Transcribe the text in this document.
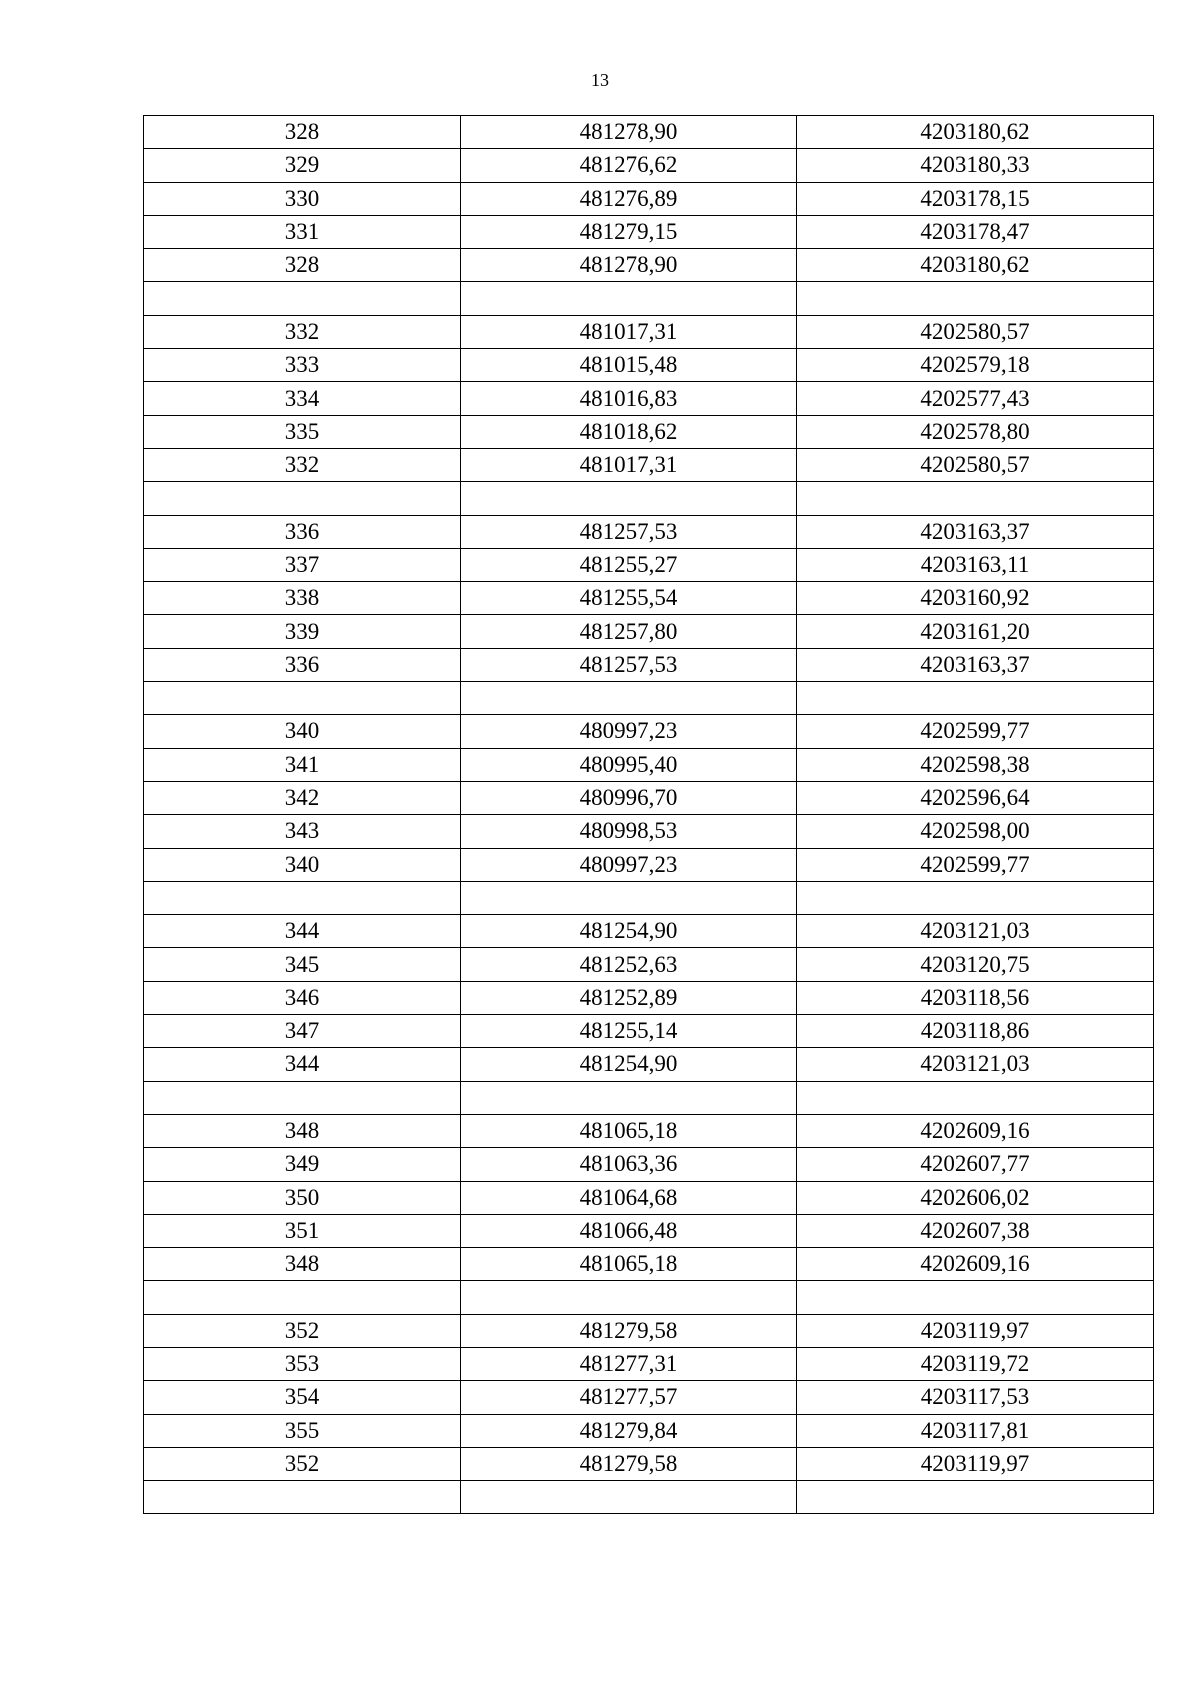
13
328	481278,90	4203180,62
329	481276,62	4203180,33
330	481276,89	4203178,15
331	481279,15	4203178,47
328	481278,90	4203180,62

332	481017,31	4202580,57
333	481015,48	4202579,18
334	481016,83	4202577,43
335	481018,62	4202578,80
332	481017,31	4202580,57

336	481257,53	4203163,37
337	481255,27	4203163,11
338	481255,54	4203160,92
339	481257,80	4203161,20
336	481257,53	4203163,37

340	480997,23	4202599,77
341	480995,40	4202598,38
342	480996,70	4202596,64
343	480998,53	4202598,00
340	480997,23	4202599,77

344	481254,90	4203121,03
345	481252,63	4203120,75
346	481252,89	4203118,56
347	481255,14	4203118,86
344	481254,90	4203121,03

348	481065,18	4202609,16
349	481063,36	4202607,77
350	481064,68	4202606,02
351	481066,48	4202607,38
348	481065,18	4202609,16

352	481279,58	4203119,97
353	481277,31	4203119,72
354	481277,57	4203117,53
355	481279,84	4203117,81
352	481279,58	4203119,97
